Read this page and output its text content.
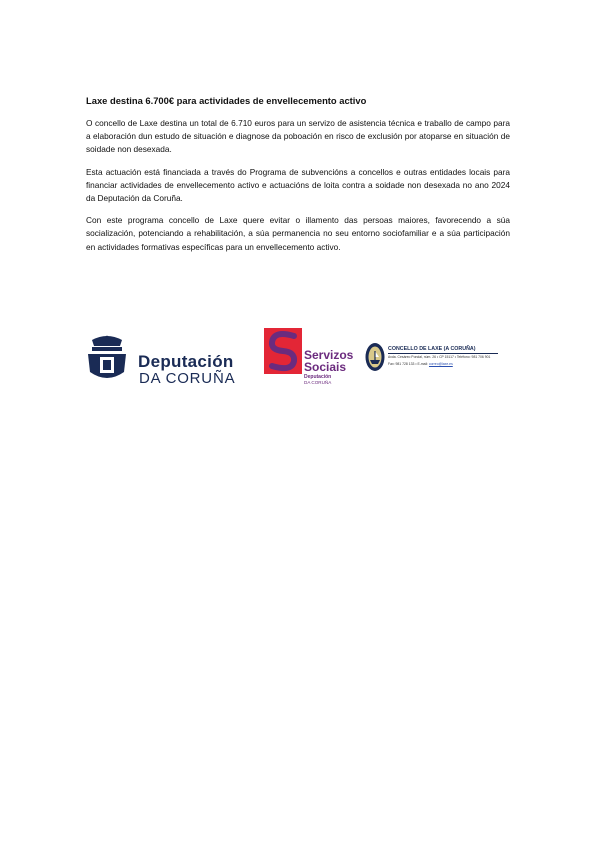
Laxe destina 6.700€ para actividades de envellecemento activo

O concello de Laxe destina un total de 6.710 euros para un servizo de asistencia técnica e traballo de campo para a elaboración dun estudo de situación e diagnose da poboación en risco de exclusión por atoparse en situación de soidade non desexada.

Esta actuación está financiada a través do Programa de subvencións a concellos e outras entidades locais para financiar actividades de envellecemento activo e actuacións de loita contra a soidade non desexada no ano 2024 da Deputación da Coruña.

Con este programa concello de Laxe quere evitar o illamento das persoas maiores, favorecendo a súa socialización, potenciando a rehabilitación, a súa permanencia no seu entorno sociofamiliar e a súa participación en actividades formativas específicas para un envellecemento activo.

Deputación
DA CORUÑA
Servizos
Sociais
Deputación
DA CORUÑA
CONCELLO DE LAXE (A CORUÑA)
Avda. Cesáreo Pondal, núm. 26 • CP 15117 • Teléfono: 981 706 901
Fax: 981 728 133 • E-mail: correo@laxe.es
